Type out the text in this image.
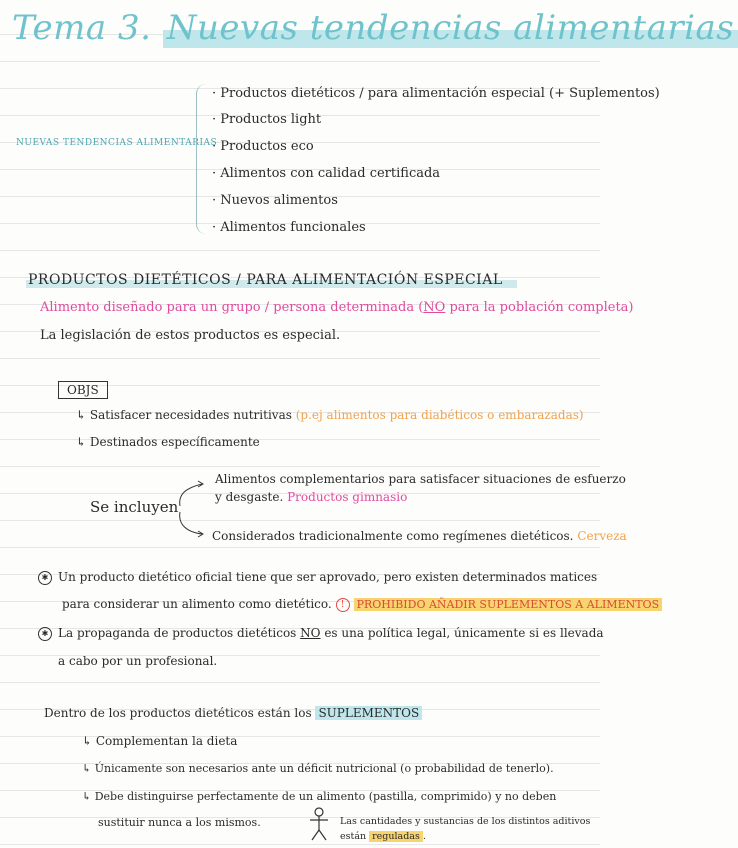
Tema 3. Nuevas tendencias alimentarias
NUEVAS TENDENCIAS ALIMENTARIAS
· Productos dietéticos / para alimentación especial (+ Suplementos)
· Productos light
· Productos eco
· Alimentos con calidad certificada
· Nuevos alimentos
· Alimentos funcionales
PRODUCTOS DIETÉTICOS / PARA ALIMENTACIÓN ESPECIAL
Alimento diseñado para un grupo / persona determinada (NO para la población completa)
La legislación de estos productos es especial.
OBJS
↳ Satisfacer necesidades nutritivas (p.ej alimentos para diabéticos o embarazadas)
↳ Destinados específicamente
Se incluyen
Alimentos complementarios para satisfacer situaciones de esfuerzo
y desgaste. Productos gimnasio
Considerados tradicionalmente como regímenes dietéticos. Cerveza
✱ Un producto dietético oficial tiene que ser aprovado, pero existen determinados matices
para considerar un alimento como dietético. ! PROHIBIDO AÑADIR SUPLEMENTOS A ALIMENTOS
✱ La propaganda de productos dietéticos NO es una política legal, únicamente si es llevada
a cabo por un profesional.
Dentro de los productos dietéticos están los SUPLEMENTOS
↳ Complementan la dieta
↳ Únicamente son necesarios ante un déficit nutricional (o probabilidad de tenerlo).
↳ Debe distinguirse perfectamente de un alimento (pastilla, comprimido) y no deben
sustituir nunca a los mismos.	Las cantidades y sustancias de los distintos aditivos
están reguladas .
